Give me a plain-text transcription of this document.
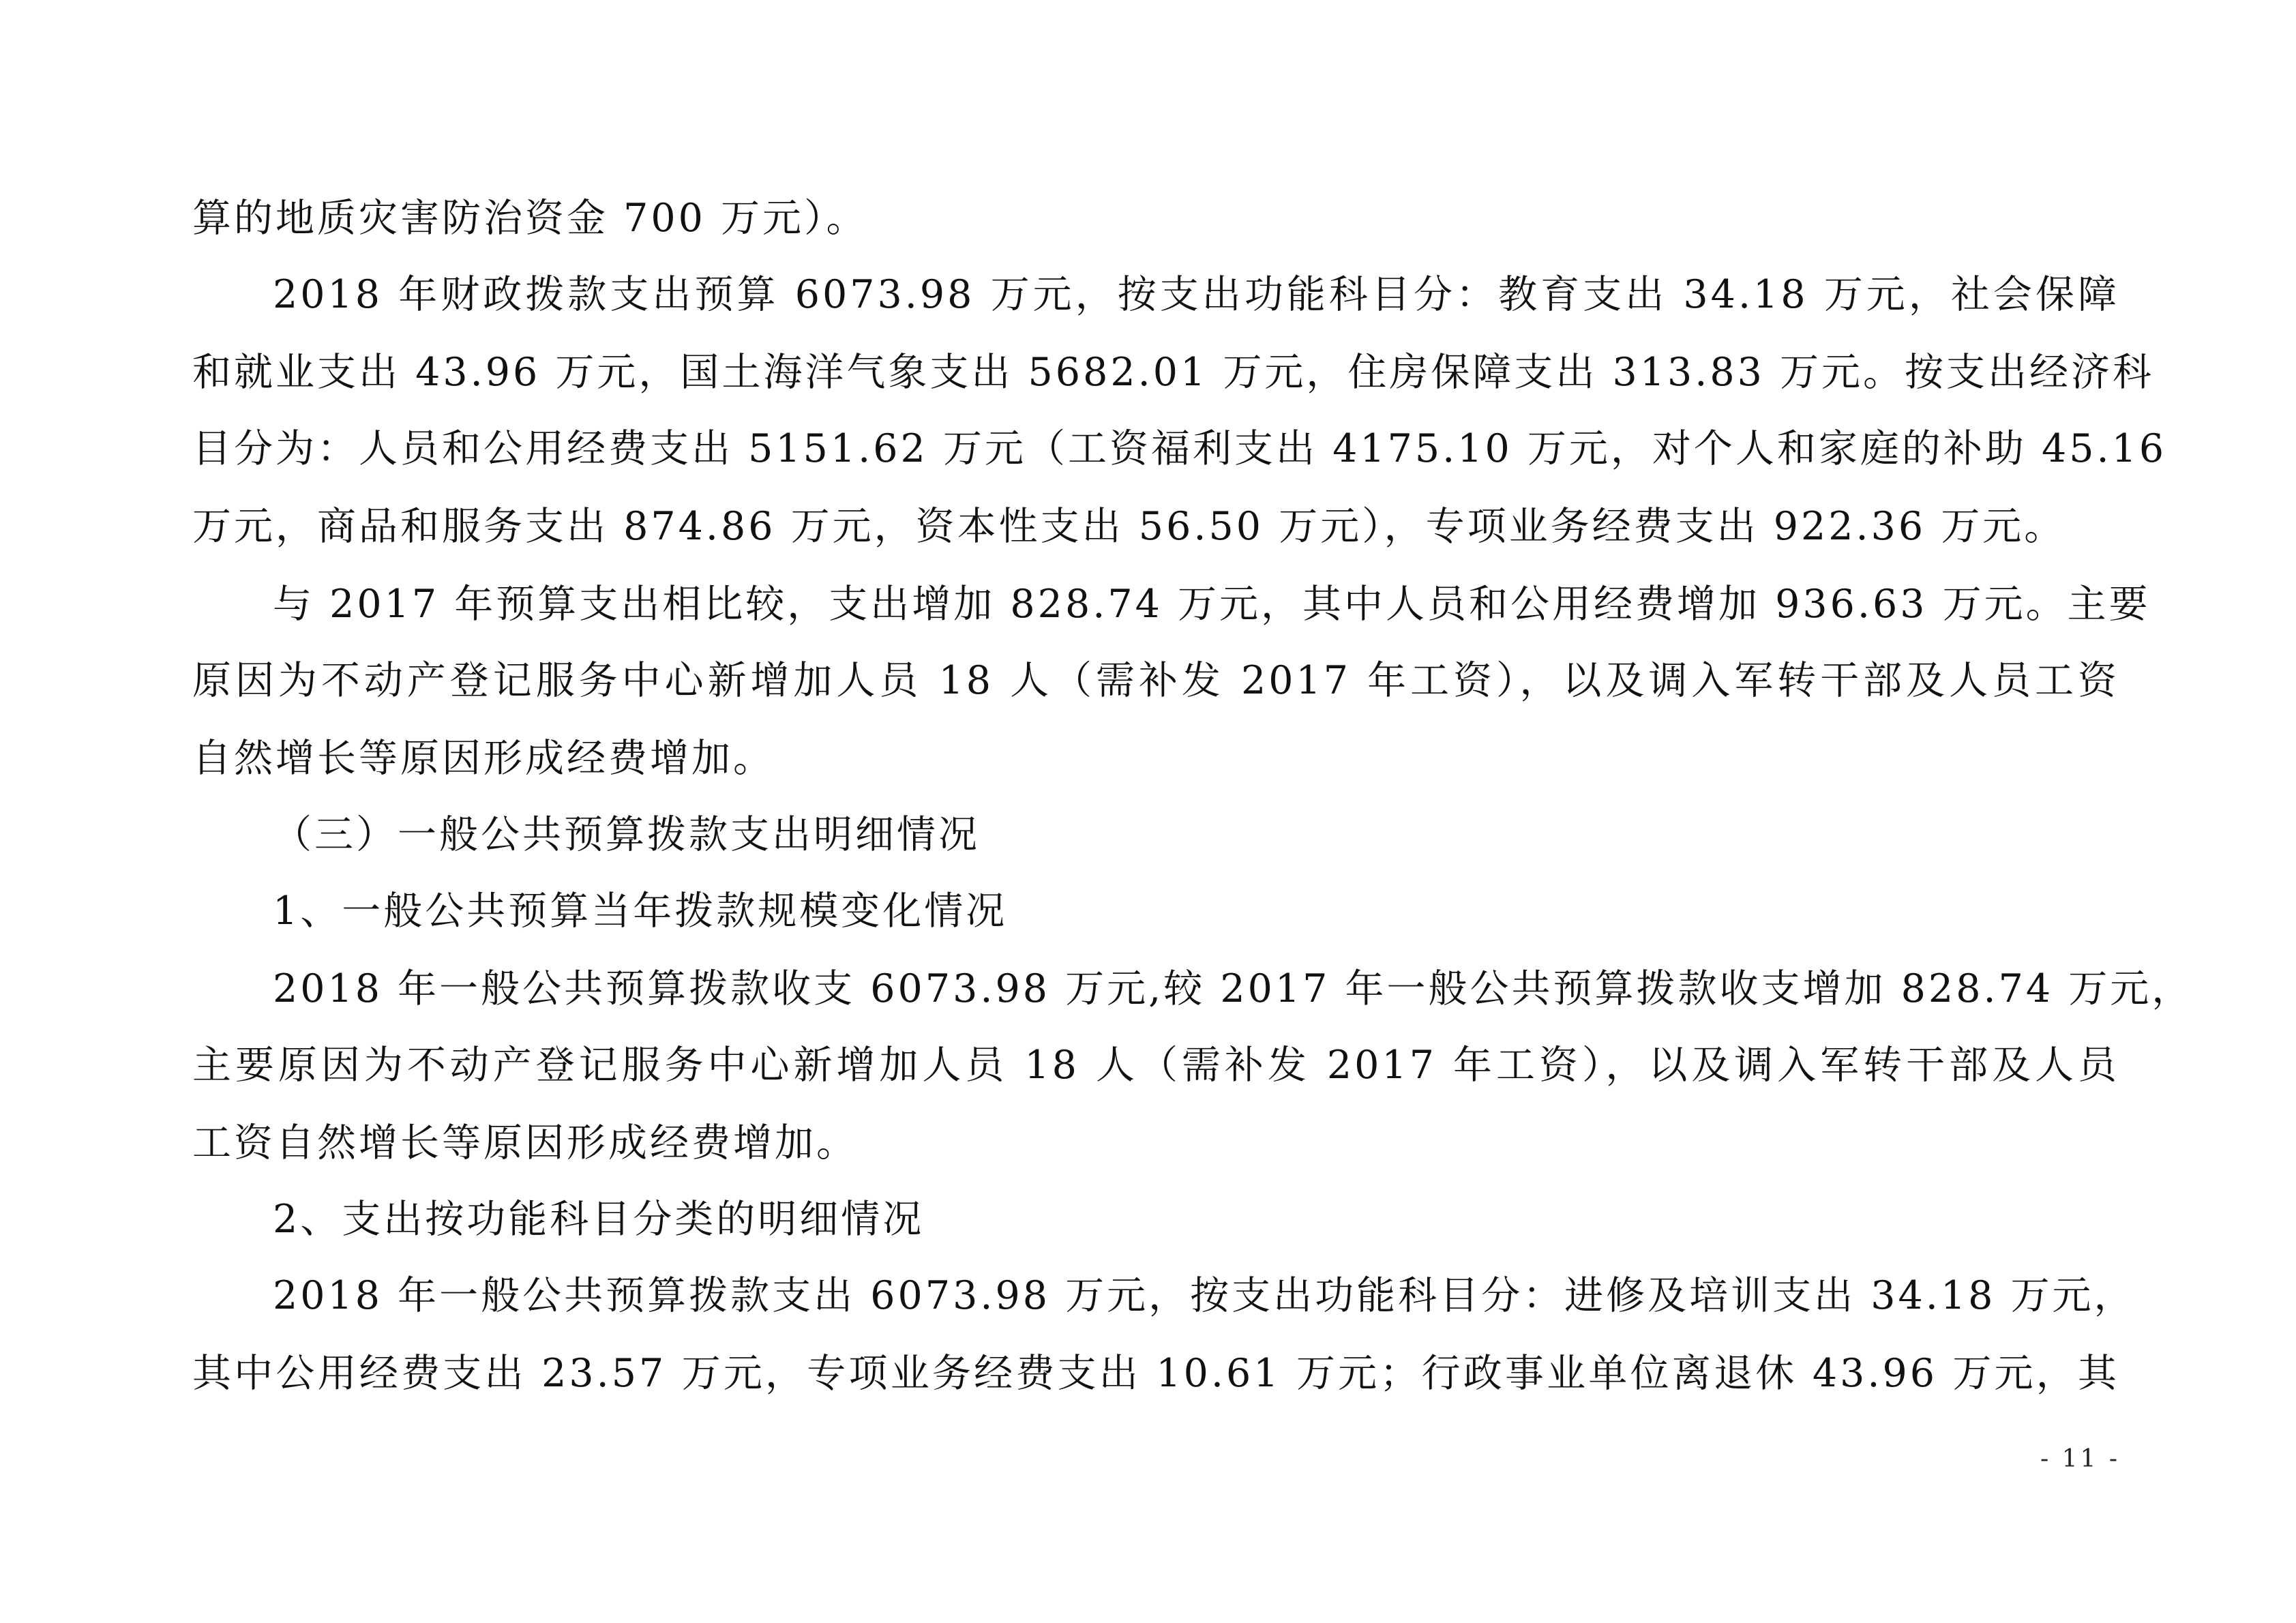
算的地质灾害防治资金 700 万元）。
2018 年财政拨款支出预算 6073.98 万元，按支出功能科目分：教育支出 34.18 万元，社会保障
和就业支出 43.96 万元，国土海洋气象支出 5682.01 万元，住房保障支出 313.83 万元。按支出经济科
目分为：人员和公用经费支出 5151.62 万元（工资福利支出 4175.10 万元，对个人和家庭的补助 45.16
万元，商品和服务支出 874.86 万元，资本性支出 56.50 万元），专项业务经费支出 922.36 万元。
与 2017 年预算支出相比较，支出增加 828.74 万元，其中人员和公用经费增加 936.63 万元。主要
原因为不动产登记服务中心新增加人员 18 人（需补发 2017 年工资），以及调入军转干部及人员工资
自然增长等原因形成经费增加。
（三）一般公共预算拨款支出明细情况
1、一般公共预算当年拨款规模变化情况
2018 年一般公共预算拨款收支 6073.98 万元,较 2017 年一般公共预算拨款收支增加 828.74 万元，
主要原因为不动产登记服务中心新增加人员 18 人（需补发 2017 年工资），以及调入军转干部及人员
工资自然增长等原因形成经费增加。
2、支出按功能科目分类的明细情况
2018 年一般公共预算拨款支出 6073.98 万元，按支出功能科目分：进修及培训支出 34.18 万元，
其中公用经费支出 23.57 万元，专项业务经费支出 10.61 万元；行政事业单位离退休 43.96 万元，其
- 11 -
